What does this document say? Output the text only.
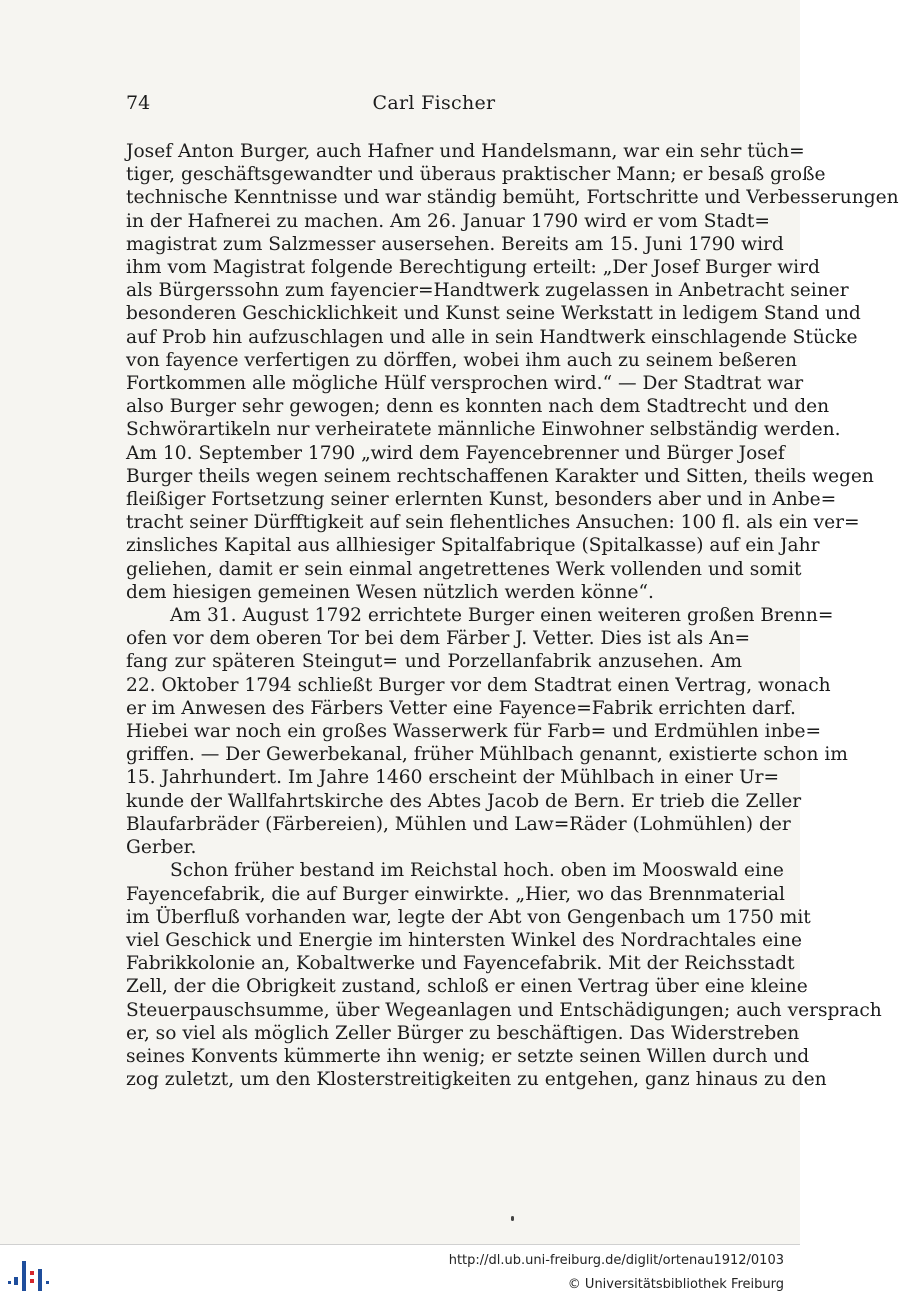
74	Carl Fischer
Josef Anton Burger, auch Hafner und Handelsmann, war ein sehr tüch=
tiger, geschäftsgewandter und überaus praktischer Mann; er besaß große
technische Kenntnisse und war ständig bemüht, Fortschritte und Verbesserungen
in der Hafnerei zu machen. Am 26. Januar 1790 wird er vom Stadt=
magistrat zum Salzmesser ausersehen. Bereits am 15. Juni 1790 wird
ihm vom Magistrat folgende Berechtigung erteilt: „Der Josef Burger wird
als Bürgerssohn zum fayencier=Handtwerk zugelassen in Anbetracht seiner
besonderen Geschicklichkeit und Kunst seine Werkstatt in ledigem Stand und
auf Prob hin aufzuschlagen und alle in sein Handtwerk einschlagende Stücke
von fayence verfertigen zu dörffen, wobei ihm auch zu seinem beßeren
Fortkommen alle mögliche Hülf versprochen wird.“ — Der Stadtrat war
also Burger sehr gewogen; denn es konnten nach dem Stadtrecht und den
Schwörartikeln nur verheiratete männliche Einwohner selbständig werden.
Am 10. September 1790 „wird dem Fayencebrenner und Bürger Josef
Burger theils wegen seinem rechtschaffenen Karakter und Sitten, theils wegen
fleißiger Fortsetzung seiner erlernten Kunst, besonders aber und in Anbe=
tracht seiner Dürfftigkeit auf sein flehentliches Ansuchen: 100 fl. als ein ver=
zinsliches Kapital aus allhiesiger Spitalfabrique (Spitalkasse) auf ein Jahr
geliehen, damit er sein einmal angetrettenes Werk vollenden und somit
dem hiesigen gemeinen Wesen nützlich werden könne“.
Am 31. August 1792 errichtete Burger einen weiteren großen Brenn=
ofen vor dem oberen Tor bei dem Färber J. Vetter. Dies ist als An=
fang zur späteren Steingut= und Porzellanfabrik anzusehen. Am
22. Oktober 1794 schließt Burger vor dem Stadtrat einen Vertrag, wonach
er im Anwesen des Färbers Vetter eine Fayence=Fabrik errichten darf.
Hiebei war noch ein großes Wasserwerk für Farb= und Erdmühlen inbe=
griffen. — Der Gewerbekanal, früher Mühlbach genannt, existierte schon im
15. Jahrhundert. Im Jahre 1460 erscheint der Mühlbach in einer Ur=
kunde der Wallfahrtskirche des Abtes Jacob de Bern. Er trieb die Zeller
Blaufarbräder (Färbereien), Mühlen und Law=Räder (Lohmühlen) der
Gerber.
Schon früher bestand im Reichstal hoch. oben im Mooswald eine
Fayencefabrik, die auf Burger einwirkte. „Hier, wo das Brennmaterial
im Überfluß vorhanden war, legte der Abt von Gengenbach um 1750 mit
viel Geschick und Energie im hintersten Winkel des Nordrachtales eine
Fabrikkolonie an, Kobaltwerke und Fayencefabrik. Mit der Reichsstadt
Zell, der die Obrigkeit zustand, schloß er einen Vertrag über eine kleine
Steuerpauschsumme, über Wegeanlagen und Entschädigungen; auch versprach
er, so viel als möglich Zeller Bürger zu beschäftigen. Das Widerstreben
seines Konvents kümmerte ihn wenig; er setzte seinen Willen durch und
zog zuletzt, um den Klosterstreitigkeiten zu entgehen, ganz hinaus zu den
http://dl.ub.uni-freiburg.de/diglit/ortenau1912/0103
© Universitätsbibliothek Freiburg
